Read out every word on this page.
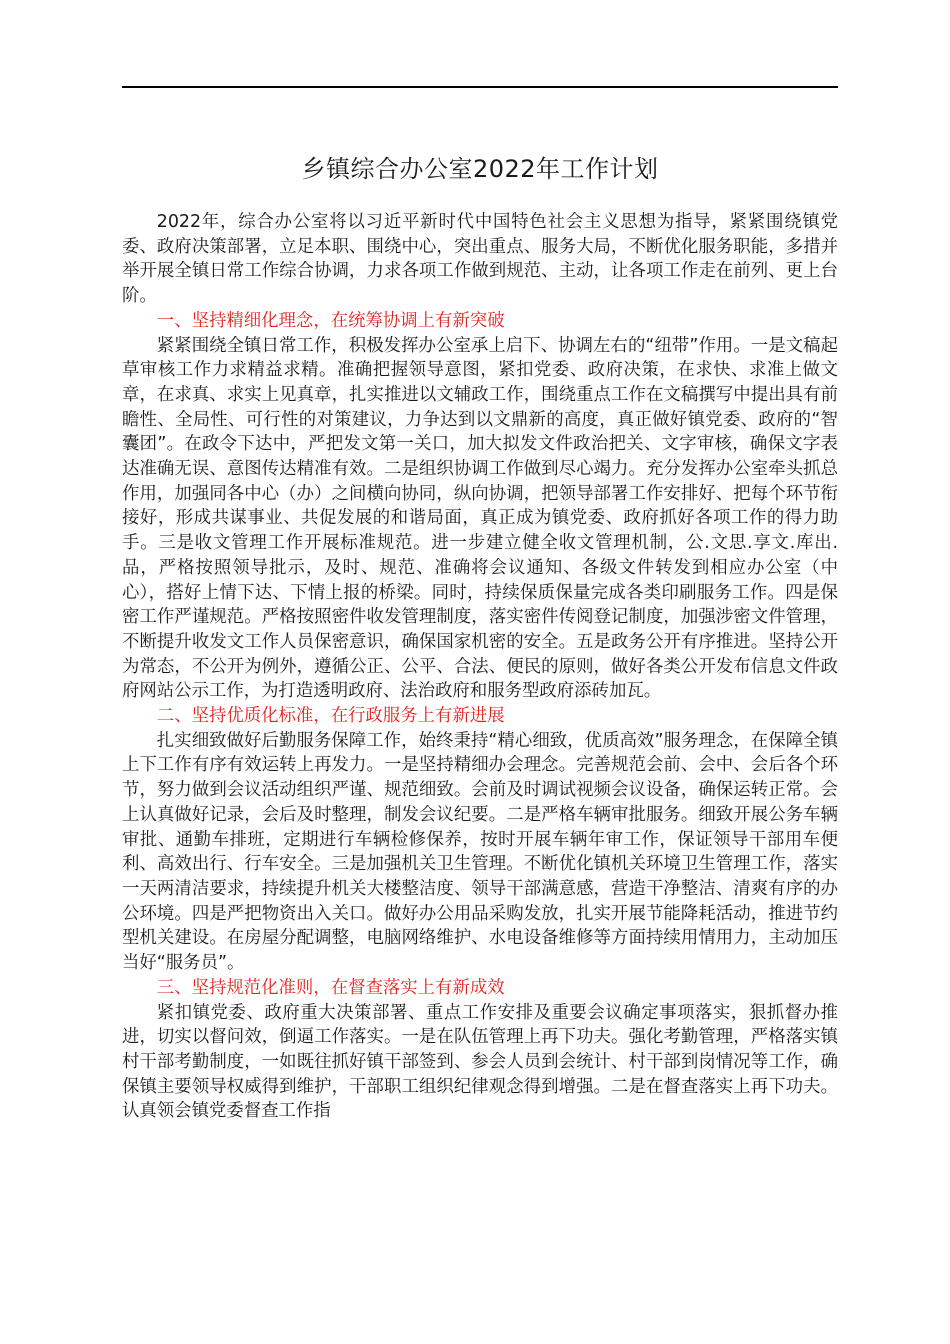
乡镇综合办公室2022年工作计划

2022年，综合办公室将以习近平新时代中国特色社会主义思想为指导，紧紧围绕镇党委、政府决策部署，立足本职、围绕中心，突出重点、服务大局，不断优化服务职能，多措并举开展全镇日常工作综合协调，力求各项工作做到规范、主动，让各项工作走在前列、更上台阶。

一、坚持精细化理念，在统筹协调上有新突破

紧紧围绕全镇日常工作，积极发挥办公室承上启下、协调左右的“纽带”作用。一是文稿起草审核工作力求精益求精。准确把握领导意图，紧扣党委、政府决策，在求快、求准上做文章，在求真、求实上见真章，扎实推进以文辅政工作，围绕重点工作在文稿撰写中提出具有前瞻性、全局性、可行性的对策建议，力争达到以文鼎新的高度，真正做好镇党委、政府的“智囊团”。在政令下达中，严把发文第一关口，加大拟发文件政治把关、文字审核，确保文字表达准确无误、意图传达精准有效。二是组织协调工作做到尽心竭力。充分发挥办公室牵头抓总作用，加强同各中心（办）之间横向协同，纵向协调，把领导部署工作安排好、把每个环节衔接好，形成共谋事业、共促发展的和谐局面，真正成为镇党委、政府抓好各项工作的得力助手。三是收文管理工作开展标准规范。进一步建立健全收文管理机制，公.文思.享文.库出.品，严格按照领导批示，及时、规范、准确将会议通知、各级文件转发到相应办公室（中心），搭好上情下达、下情上报的桥梁。同时，持续保质保量完成各类印刷服务工作。四是保密工作严谨规范。严格按照密件收发管理制度，落实密件传阅登记制度，加强涉密文件管理，不断提升收发文工作人员保密意识，确保国家机密的安全。五是政务公开有序推进。坚持公开为常态，不公开为例外，遵循公正、公平、合法、便民的原则，做好各类公开发布信息文件政府网站公示工作，为打造透明政府、法治政府和服务型政府添砖加瓦。

二、坚持优质化标准，在行政服务上有新进展

扎实细致做好后勤服务保障工作，始终秉持“精心细致，优质高效”服务理念，在保障全镇上下工作有序有效运转上再发力。一是坚持精细办会理念。完善规范会前、会中、会后各个环节，努力做到会议活动组织严谨、规范细致。会前及时调试视频会议设备，确保运转正常。会上认真做好记录，会后及时整理，制发会议纪要。二是严格车辆审批服务。细致开展公务车辆审批、通勤车排班，定期进行车辆检修保养，按时开展车辆年审工作，保证领导干部用车便利、高效出行、行车安全。三是加强机关卫生管理。不断优化镇机关环境卫生管理工作，落实一天两清洁要求，持续提升机关大楼整洁度、领导干部满意感，营造干净整洁、清爽有序的办公环境。四是严把物资出入关口。做好办公用品采购发放，扎实开展节能降耗活动，推进节约型机关建设。在房屋分配调整，电脑网络维护、水电设备维修等方面持续用情用力，主动加压当好“服务员”。

三、坚持规范化准则，在督查落实上有新成效

紧扣镇党委、政府重大决策部署、重点工作安排及重要会议确定事项落实，狠抓督办推进，切实以督问效，倒逼工作落实。一是在队伍管理上再下功夫。强化考勤管理，严格落实镇村干部考勤制度，一如既往抓好镇干部签到、参会人员到会统计、村干部到岗情况等工作，确保镇主要领导权威得到维护，干部职工组织纪律观念得到增强。二是在督查落实上再下功夫。认真领会镇党委督查工作指
